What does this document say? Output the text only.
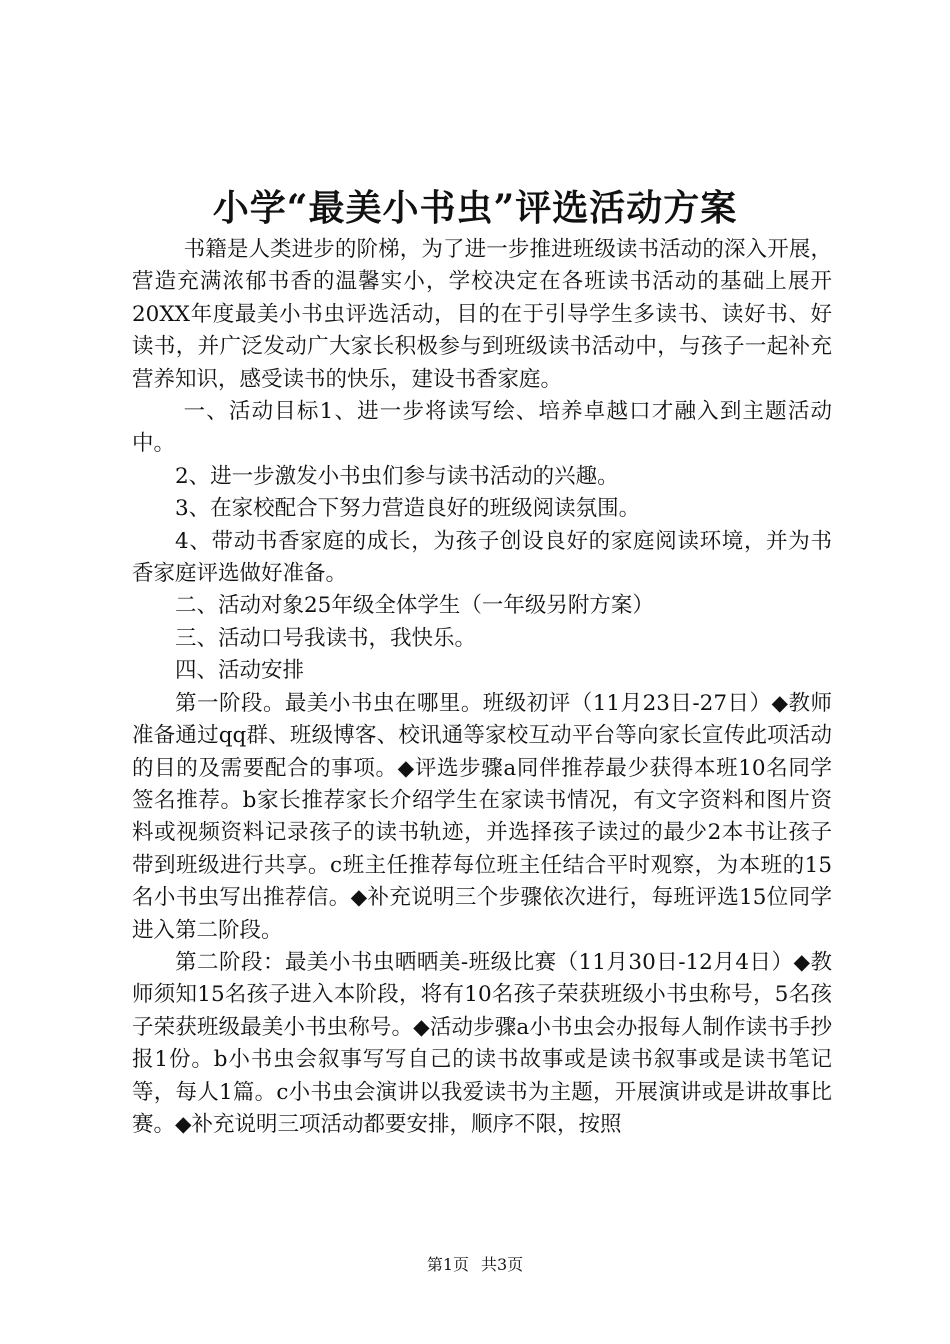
小学“最美小书虫”评选活动方案

书籍是人类进步的阶梯，为了进一步推进班级读书活动的深入开展，营造充满浓郁书香的温馨实小，学校决定在各班读书活动的基础上展开20XX年度最美小书虫评选活动，目的在于引导学生多读书、读好书、好读书，并广泛发动广大家长积极参与到班级读书活动中，与孩子一起补充营养知识，感受读书的快乐，建设书香家庭。

一、活动目标1、进一步将读写绘、培养卓越口才融入到主题活动中。

2、进一步激发小书虫们参与读书活动的兴趣。

3、在家校配合下努力营造良好的班级阅读氛围。

4、带动书香家庭的成长，为孩子创设良好的家庭阅读环境，并为书香家庭评选做好准备。

二、活动对象25年级全体学生（一年级另附方案）

三、活动口号我读书，我快乐。

四、活动安排

第一阶段。最美小书虫在哪里。班级初评（11月23日-27日）◆教师准备通过qq群、班级博客、校讯通等家校互动平台等向家长宣传此项活动的目的及需要配合的事项。◆评选步骤a同伴推荐最少获得本班10名同学签名推荐。b家长推荐家长介绍学生在家读书情况，有文字资料和图片资料或视频资料记录孩子的读书轨迹，并选择孩子读过的最少2本书让孩子带到班级进行共享。c班主任推荐每位班主任结合平时观察，为本班的15名小书虫写出推荐信。◆补充说明三个步骤依次进行，每班评选15位同学进入第二阶段。

第二阶段：最美小书虫晒晒美-班级比赛（11月30日-12月4日）◆教师须知15名孩子进入本阶段，将有10名孩子荣获班级小书虫称号，5名孩子荣获班级最美小书虫称号。◆活动步骤a小书虫会办报每人制作读书手抄报1份。b小书虫会叙事写写自己的读书故事或是读书叙事或是读书笔记等，每人1篇。c小书虫会演讲以我爱读书为主题，开展演讲或是讲故事比赛。◆补充说明三项活动都要安排，顺序不限，按照

第1页 共3页
